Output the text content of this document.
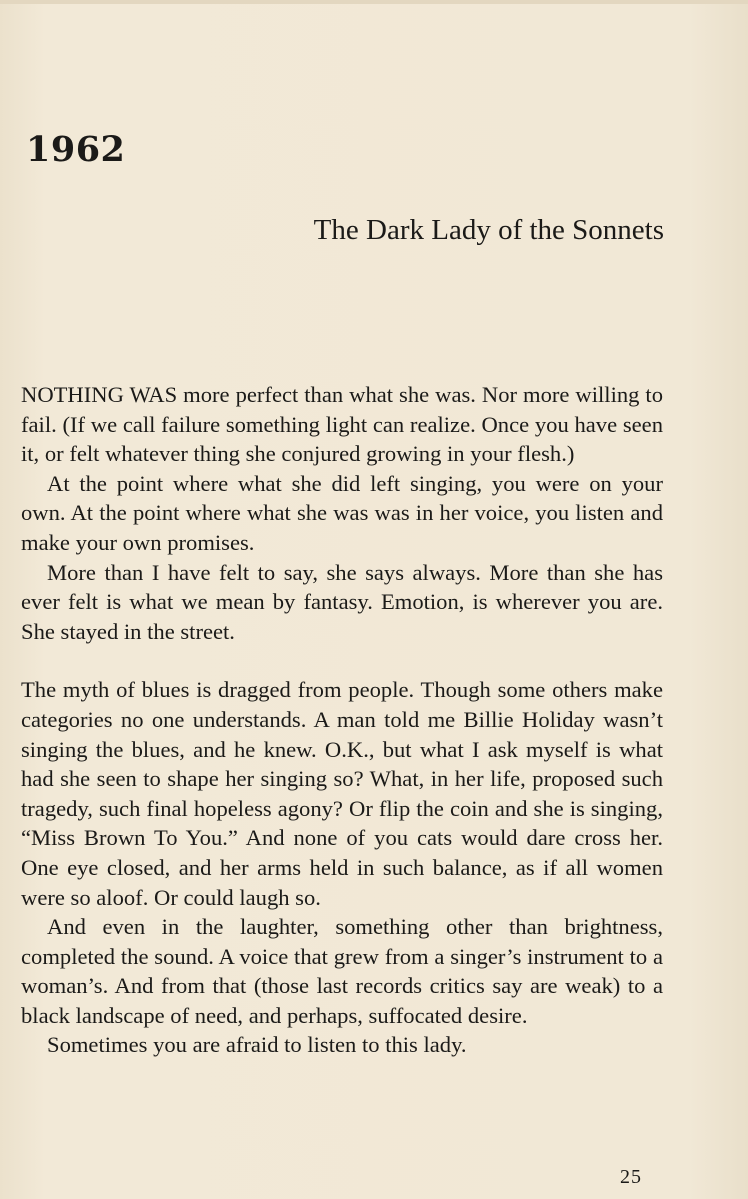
1962
The Dark Lady of the Sonnets

NOTHING WAS more perfect than what she was. Nor more willing to fail. (If we call failure something light can realize. Once you have seen it, or felt whatever thing she conjured growing in your flesh.)

At the point where what she did left singing, you were on your own. At the point where what she was was in her voice, you listen and make your own promises.

More than I have felt to say, she says always. More than she has ever felt is what we mean by fantasy. Emotion, is wherever you are. She stayed in the street.

The myth of blues is dragged from people. Though some others make categories no one understands. A man told me Billie Holiday wasn’t singing the blues, and he knew. O.K., but what I ask myself is what had she seen to shape her singing so? What, in her life, proposed such tragedy, such final hopeless agony? Or flip the coin and she is singing, “Miss Brown To You.” And none of you cats would dare cross her. One eye closed, and her arms held in such balance, as if all women were so aloof. Or could laugh so.

And even in the laughter, something other than brightness, completed the sound. A voice that grew from a singer’s instrument to a woman’s. And from that (those last records critics say are weak) to a black landscape of need, and perhaps, suffocated desire.

Sometimes you are afraid to listen to this lady.

25
